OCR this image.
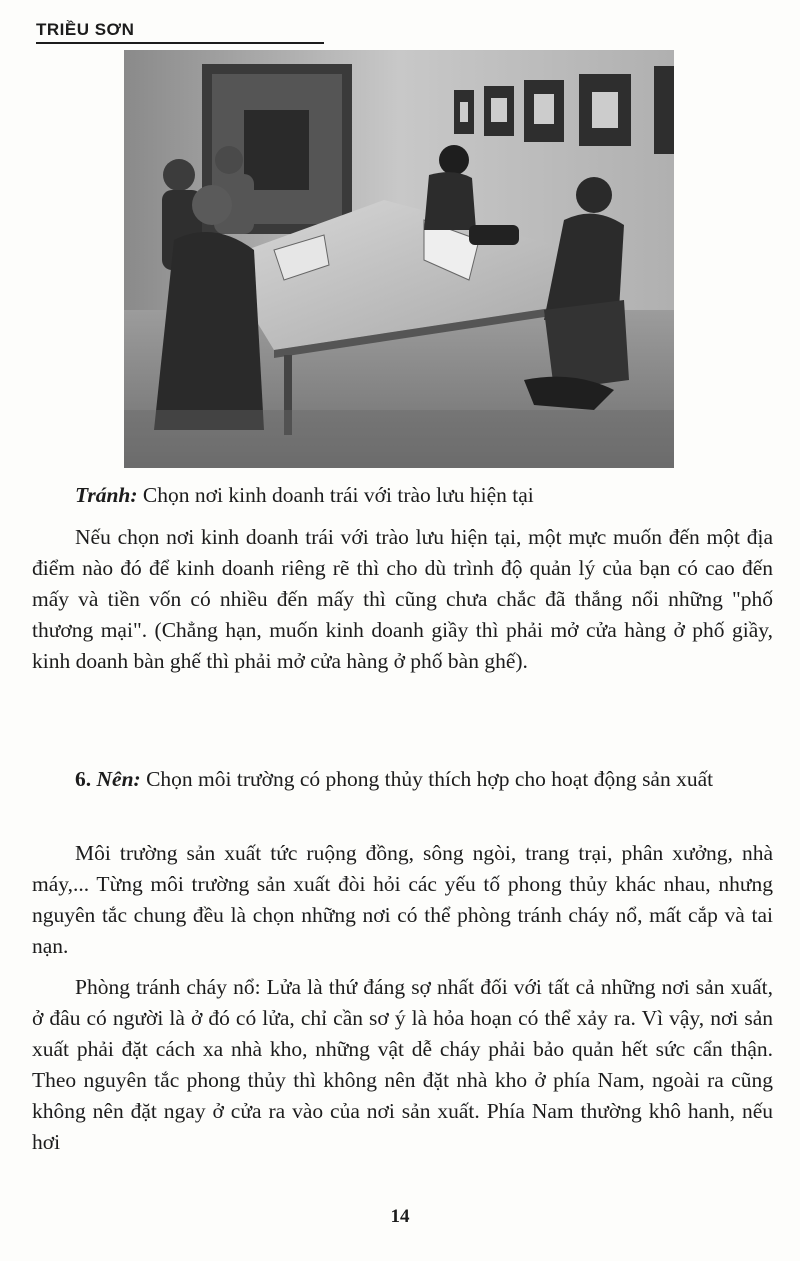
TRIỀU SƠN
Tránh: Chọn nơi kinh doanh trái với trào lưu hiện tại
Nếu chọn nơi kinh doanh trái với trào lưu hiện tại, một mực muốn đến một địa điểm nào đó để kinh doanh riêng rẽ thì cho dù trình độ quản lý của bạn có cao đến mấy và tiền vốn có nhiều đến mấy thì cũng chưa chắc đã thắng nổi những "phố thương mại". (Chẳng hạn, muốn kinh doanh giầy thì phải mở cửa hàng ở phố giầy, kinh doanh bàn ghế thì phải mở cửa hàng ở phố bàn ghế).
6. Nên: Chọn môi trường có phong thủy thích hợp cho hoạt động sản xuất
Môi trường sản xuất tức ruộng đồng, sông ngòi, trang trại, phân xưởng, nhà máy,... Từng môi trường sản xuất đòi hỏi các yếu tố phong thủy khác nhau, nhưng nguyên tắc chung đều là chọn những nơi có thể phòng tránh cháy nổ, mất cắp và tai nạn.
Phòng tránh cháy nổ: Lửa là thứ đáng sợ nhất đối với tất cả những nơi sản xuất, ở đâu có người là ở đó có lửa, chỉ cần sơ ý là hỏa hoạn có thể xảy ra. Vì vậy, nơi sản xuất phải đặt cách xa nhà kho, những vật dễ cháy phải bảo quản hết sức cẩn thận. Theo nguyên tắc phong thủy thì không nên đặt nhà kho ở phía Nam, ngoài ra cũng không nên đặt ngay ở cửa ra vào của nơi sản xuất. Phía Nam thường khô hanh, nếu hơi
14
